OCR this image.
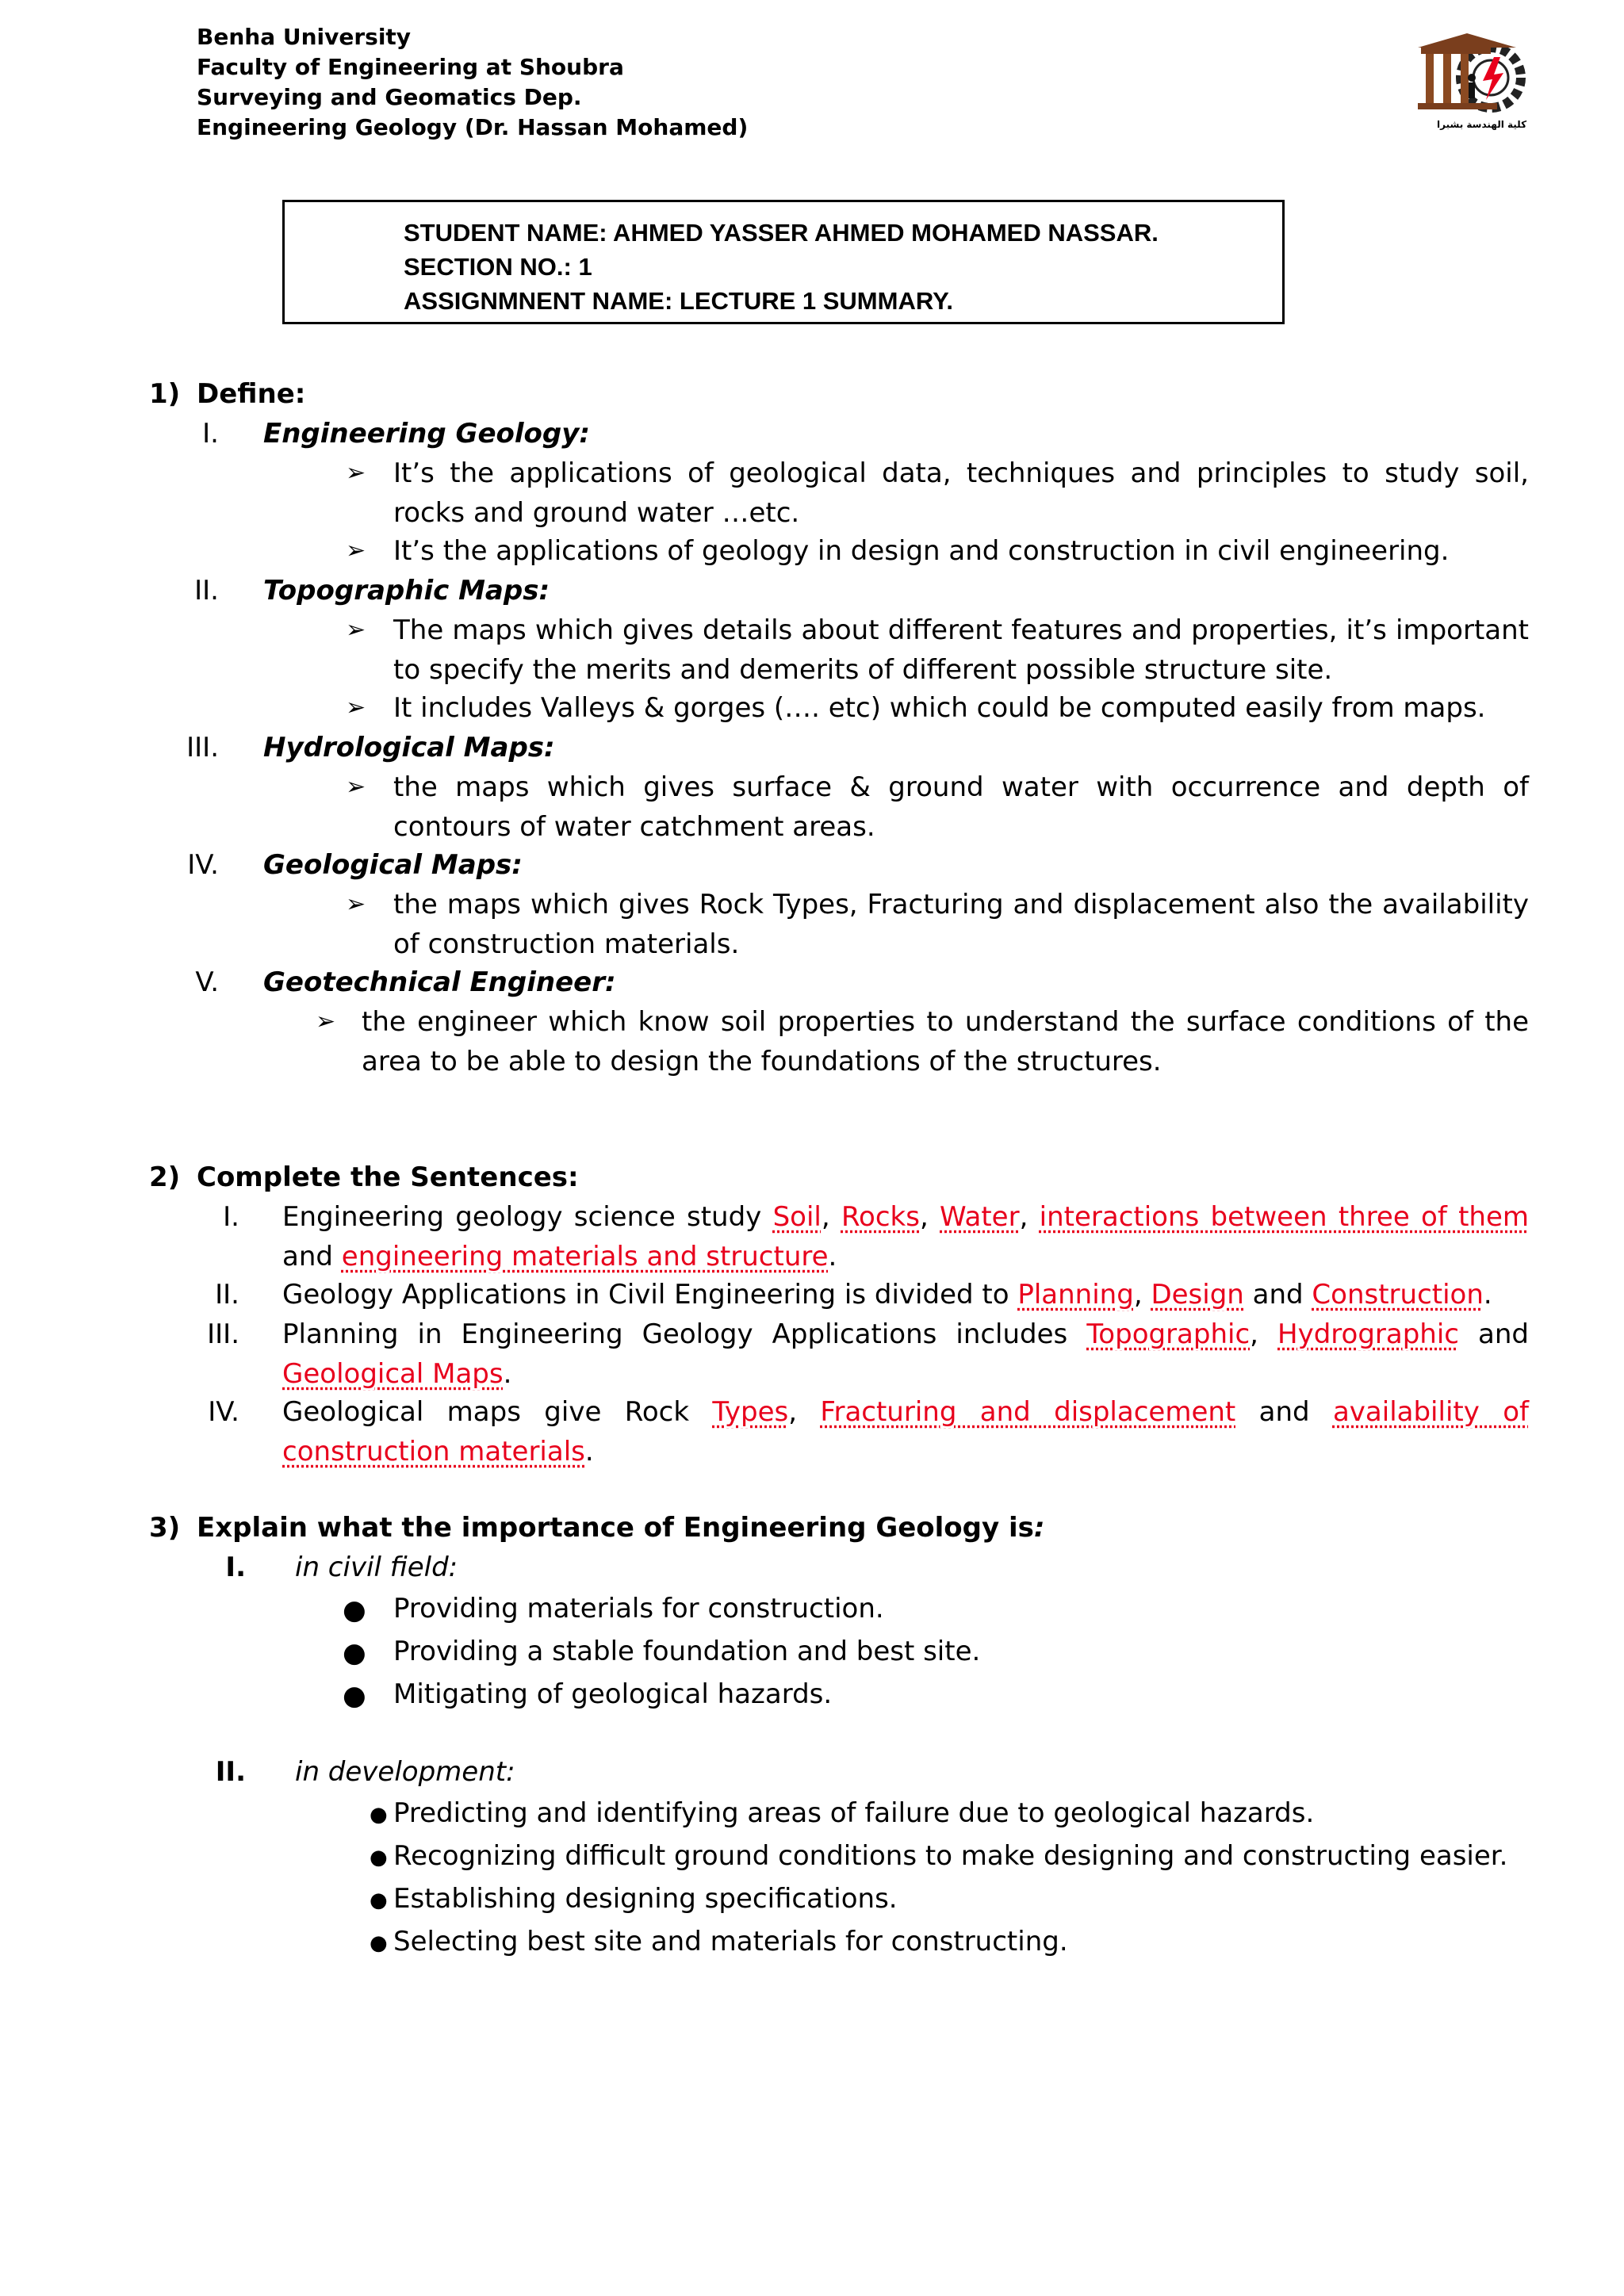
Benha University
Faculty of Engineering at Shoubra
Surveying and Geomatics Dep.
Engineering Geology (Dr. Hassan Mohamed)	كلية الهندسة بشبرا
STUDENT NAME: AHMED YASSER AHMED MOHAMED NASSAR.
SECTION NO.: 1
ASSIGNMNENT NAME: LECTURE 1 SUMMARY.
1) Define:
I. Engineering Geology:
➢ It’s the applications of geological data, techniques and principles to study soil, rocks and ground water …etc.
➢ It’s the applications of geology in design and construction in civil engineering.
II. Topographic Maps:
➢ The maps which gives details about different features and properties, it’s important to specify the merits and demerits of different possible structure site.
➢ It includes Valleys & gorges (…. etc) which could be computed easily from maps.
III. Hydrological Maps:
➢ the maps which gives surface & ground water with occurrence and depth of contours of water catchment areas.
IV. Geological Maps:
➢ the maps which gives Rock Types, Fracturing and displacement also the availability of construction materials.
V. Geotechnical Engineer:
➢ the engineer which know soil properties to understand the surface conditions of the area to be able to design the foundations of the structures.
2) Complete the Sentences:
I. Engineering geology science study Soil, Rocks, Water, interactions between three of them and engineering materials and structure.
II. Geology Applications in Civil Engineering is divided to Planning, Design and Construction.
III. Planning in Engineering Geology Applications includes Topographic, Hydrographic and Geological Maps.
IV. Geological maps give Rock Types, Fracturing and displacement and availability of construction materials.
3) Explain what the importance of Engineering Geology is:
I. in civil field:
● Providing materials for construction.
● Providing a stable foundation and best site.
● Mitigating of geological hazards.
II. in development:
● Predicting and identifying areas of failure due to geological hazards.
● Recognizing difficult ground conditions to make designing and constructing easier.
● Establishing designing specifications.
● Selecting best site and materials for constructing.
